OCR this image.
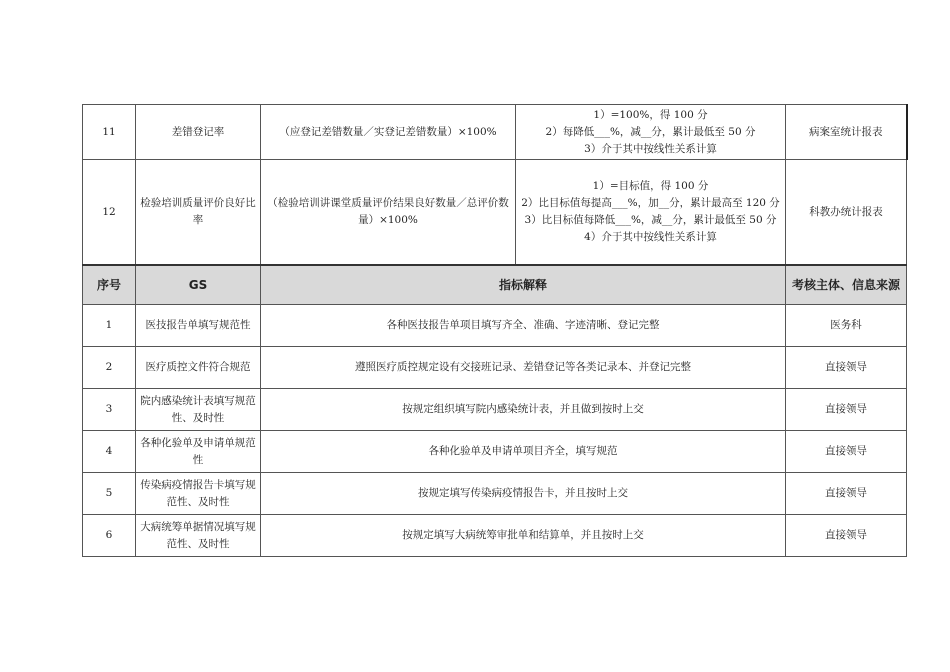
11	差错登记率	（应登记差错数量／实登记差错数量）×100%	1）=100%，得 100 分
2）每降低___%，减__分，累计最低至 50 分
3）介于其中按线性关系计算	病案室统计报表
12	检验培训质量评价良好比率	（检验培训讲课堂质量评价结果良好数量／总评价数量）×100%	1）=目标值，得 100 分
2）比目标值每提高___%，加__分，累计最高至 120 分
3）比目标值每降低___%，减__分，累计最低至 50 分
4）介于其中按线性关系计算	科教办统计报表
序号	GS	指标解释		考核主体、信息来源
1	医技报告单填写规范性	各种医技报告单项目填写齐全、准确、字迹清晰、登记完整		医务科
2	医疗质控文件符合规范	遵照医疗质控规定设有交接班记录、差错登记等各类记录本、并登记完整		直接领导
3	院内感染统计表填写规范性、及时性	按规定组织填写院内感染统计表，并且做到按时上交		直接领导
4	各种化验单及申请单规范性	各种化验单及申请单项目齐全，填写规范		直接领导
5	传染病疫情报告卡填写规范性、及时性	按规定填写传染病疫情报告卡，并且按时上交		直接领导
6	大病统筹单据情况填写规范性、及时性	按规定填写大病统筹审批单和结算单，并且按时上交		直接领导
